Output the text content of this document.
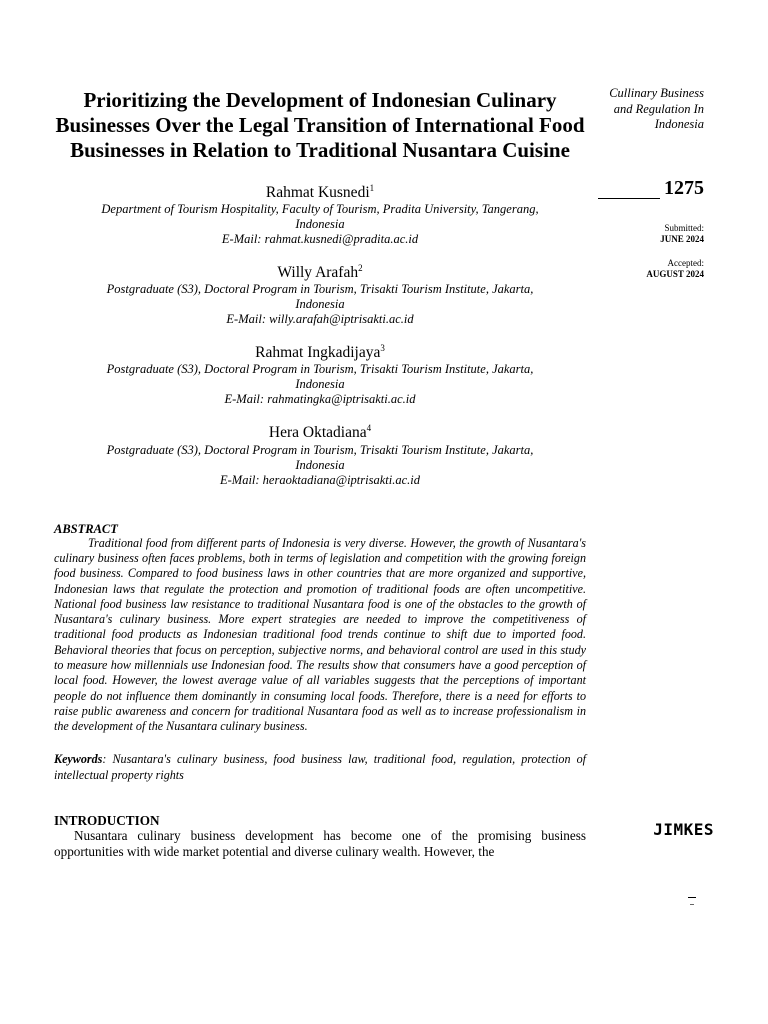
Prioritizing the Development of Indonesian Culinary Businesses Over the Legal Transition of International Food Businesses in Relation to Traditional Nusantara Cuisine
Rahmat Kusnedi$^1$
Department of Tourism Hospitality, Faculty of Tourism, Pradita University, Tangerang,
Indonesia
E-Mail: rahmat.kusnedi@pradita.ac.id
Willy Arafah$^2$
Postgraduate (S3), Doctoral Program in Tourism, Trisakti Tourism Institute, Jakarta,
Indonesia
E-Mail: willy.arafah@iptrisakti.ac.id
Rahmat Ingkadijaya$^3$
Postgraduate (S3), Doctoral Program in Tourism, Trisakti Tourism Institute, Jakarta,
Indonesia
E-Mail: rahmatingka@iptrisakti.ac.id
Hera Oktadiana$^4$
Postgraduate (S3), Doctoral Program in Tourism, Trisakti Tourism Institute, Jakarta,
Indonesia
E-Mail: heraoktadiana@iptrisakti.ac.id
ABSTRACT

Traditional food from different parts of Indonesia is very diverse. However, the growth of Nusantara's culinary business often faces problems, both in terms of legislation and competition with the growing foreign food business. Compared to food business laws in other countries that are more organized and supportive, Indonesian laws that regulate the protection and promotion of traditional foods are often uncompetitive. National food business law resistance to traditional Nusantara food is one of the obstacles to the growth of Nusantara's culinary business. More expert strategies are needed to improve the competitiveness of traditional food products as Indonesian traditional food trends continue to shift due to imported food. Behavioral theories that focus on perception, subjective norms, and behavioral control are used in this study to measure how millennials use Indonesian food. The results show that consumers have a good perception of local food. However, the lowest average value of all variables suggests that the perceptions of important people do not influence them dominantly in consuming local foods. Therefore, there is a need for efforts to raise public awareness and concern for traditional Nusantara food as well as to increase professionalism in the development of the Nusantara culinary business.

Keywords: Nusantara's culinary business, food business law, traditional food, regulation, protection of intellectual property rights
INTRODUCTION

Nusantara culinary business development has become one of the promising business opportunities with wide market potential and diverse culinary wealth. However, the

Cullinary Business
and Regulation In
Indonesia
1275
Submitted:
JUNE 2024
Accepted:
AUGUST 2024
JIMKES
